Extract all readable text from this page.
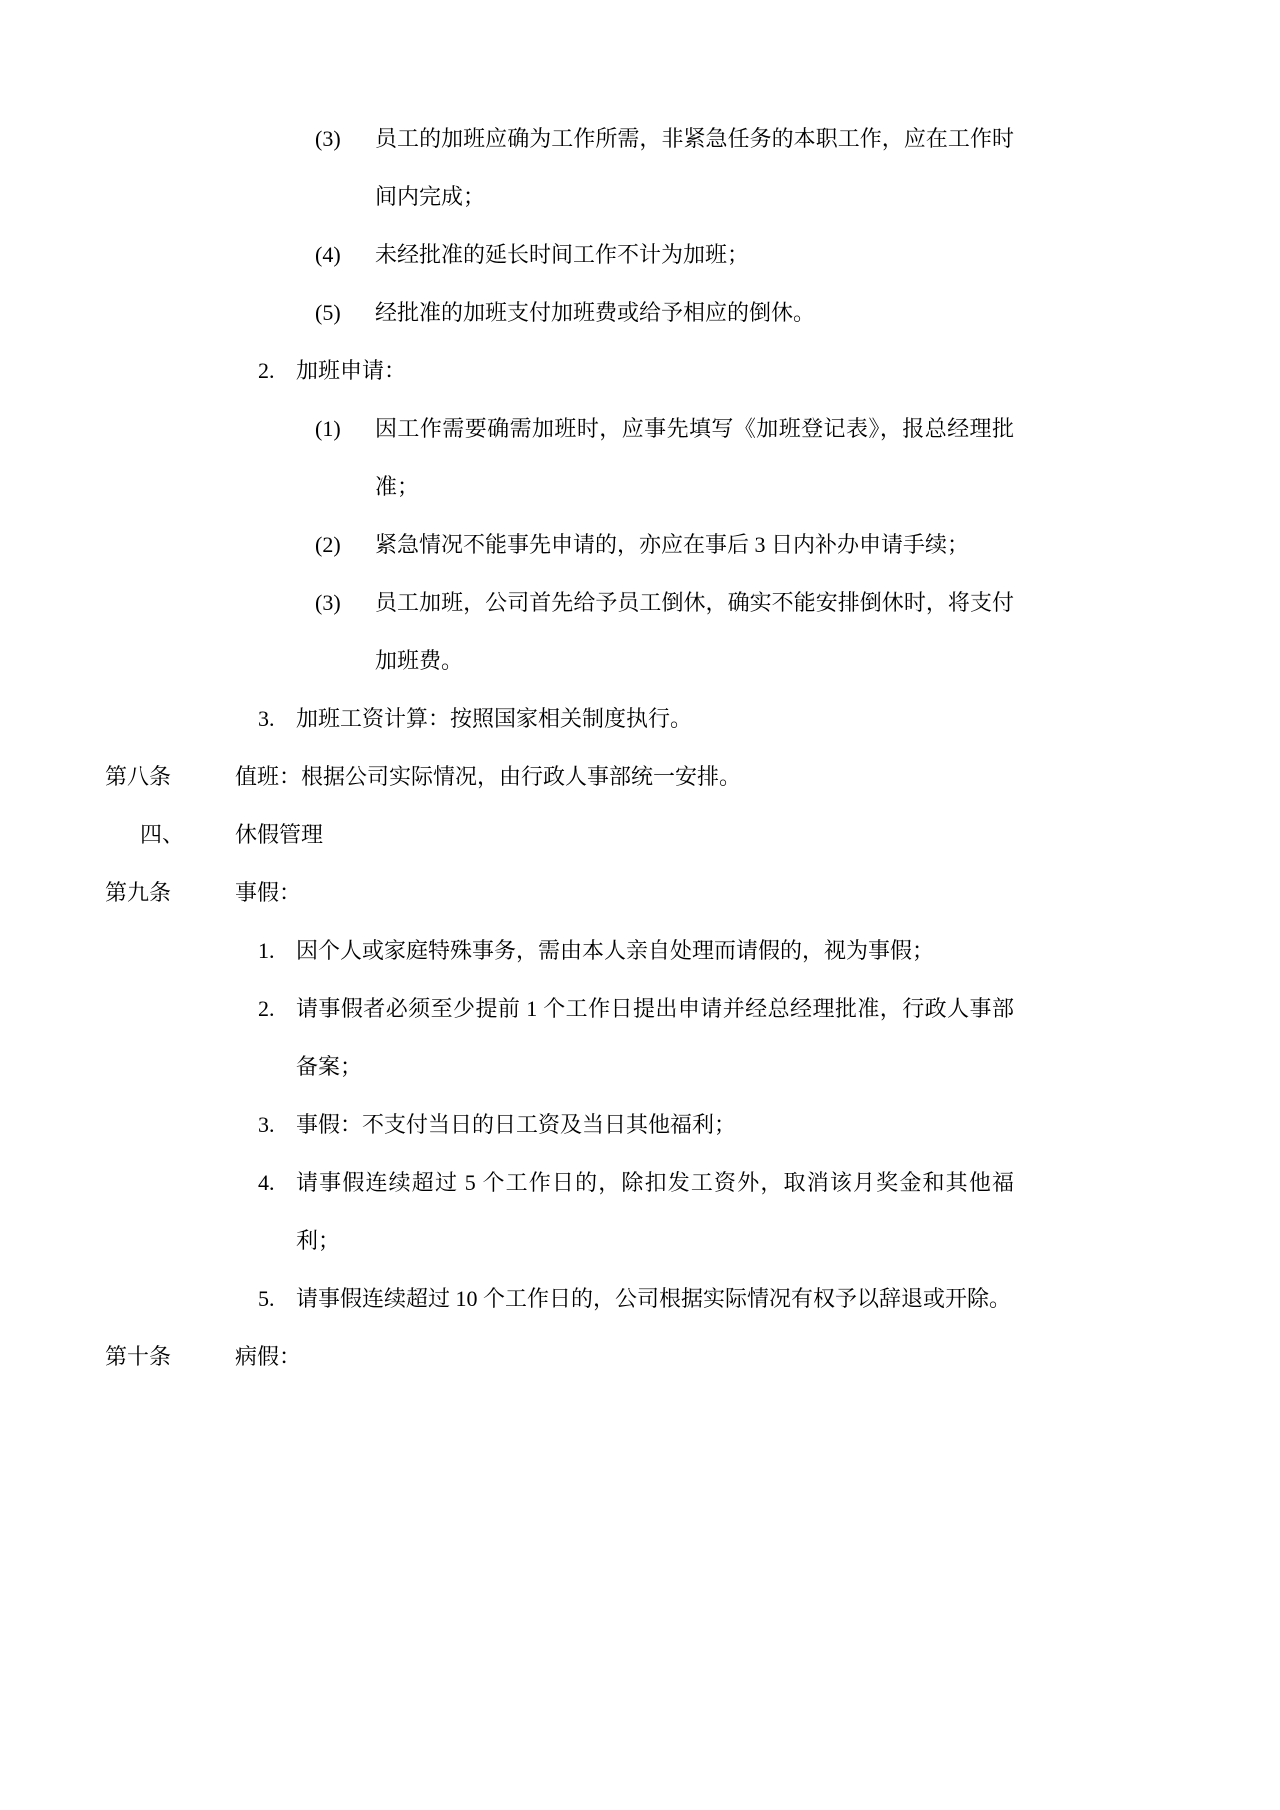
(3) 员工的加班应确为工作所需，非紧急任务的本职工作，应在工作时间内完成；
(4) 未经批准的延长时间工作不计为加班；
(5) 经批准的加班支付加班费或给予相应的倒休。
2. 加班申请：
(1) 因工作需要确需加班时，应事先填写《加班登记表》，报总经理批准；
(2) 紧急情况不能事先申请的，亦应在事后 3 日内补办申请手续；
(3) 员工加班，公司首先给予员工倒休，确实不能安排倒休时，将支付加班费。
3. 加班工资计算：按照国家相关制度执行。
第八条	值班：根据公司实际情况，由行政人事部统一安排。
四、 休假管理
第九条	事假：
1. 因个人或家庭特殊事务，需由本人亲自处理而请假的，视为事假；
2. 请事假者必须至少提前 1 个工作日提出申请并经总经理批准，行政人事部备案；
3. 事假：不支付当日的日工资及当日其他福利；
4. 请事假连续超过 5 个工作日的，除扣发工资外，取消该月奖金和其他福利；
5. 请事假连续超过 10 个工作日的，公司根据实际情况有权予以辞退或开除。
第十条	病假：
